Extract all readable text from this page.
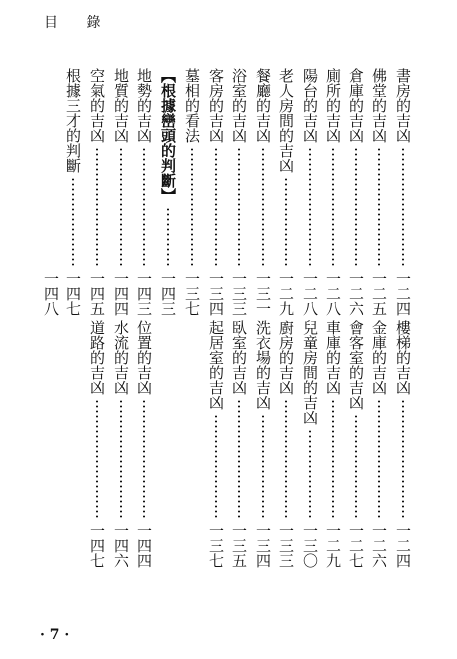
目 錄
書房的吉凶
一二四
佛堂的吉凶
一二五
倉庫的吉凶
一二六
廁所的吉凶
一二八
陽台的吉凶
一二八
老人房間的吉凶
一二九
餐廳的吉凶
一三一
浴室的吉凶
一三三
客房的吉凶
一三四
墓相的看法
一三七
【根據巒頭的判斷】
一四三
地勢的吉凶
一四三
地質的吉凶
一四四
空氣的吉凶
一四五
根據三才的判斷
一四七
一四八
樓梯的吉凶
一二四
金庫的吉凶
一二六
會客室的吉凶
一二七
車庫的吉凶
一二九
兒童房間的吉凶
一三〇
廚房的吉凶
一三三
洗衣場的吉凶
一三四
臥室的吉凶
一三五
起居室的吉凶
一三七
位置的吉凶
一四四
水流的吉凶
一四六
道路的吉凶
一四七
· 7 ·
